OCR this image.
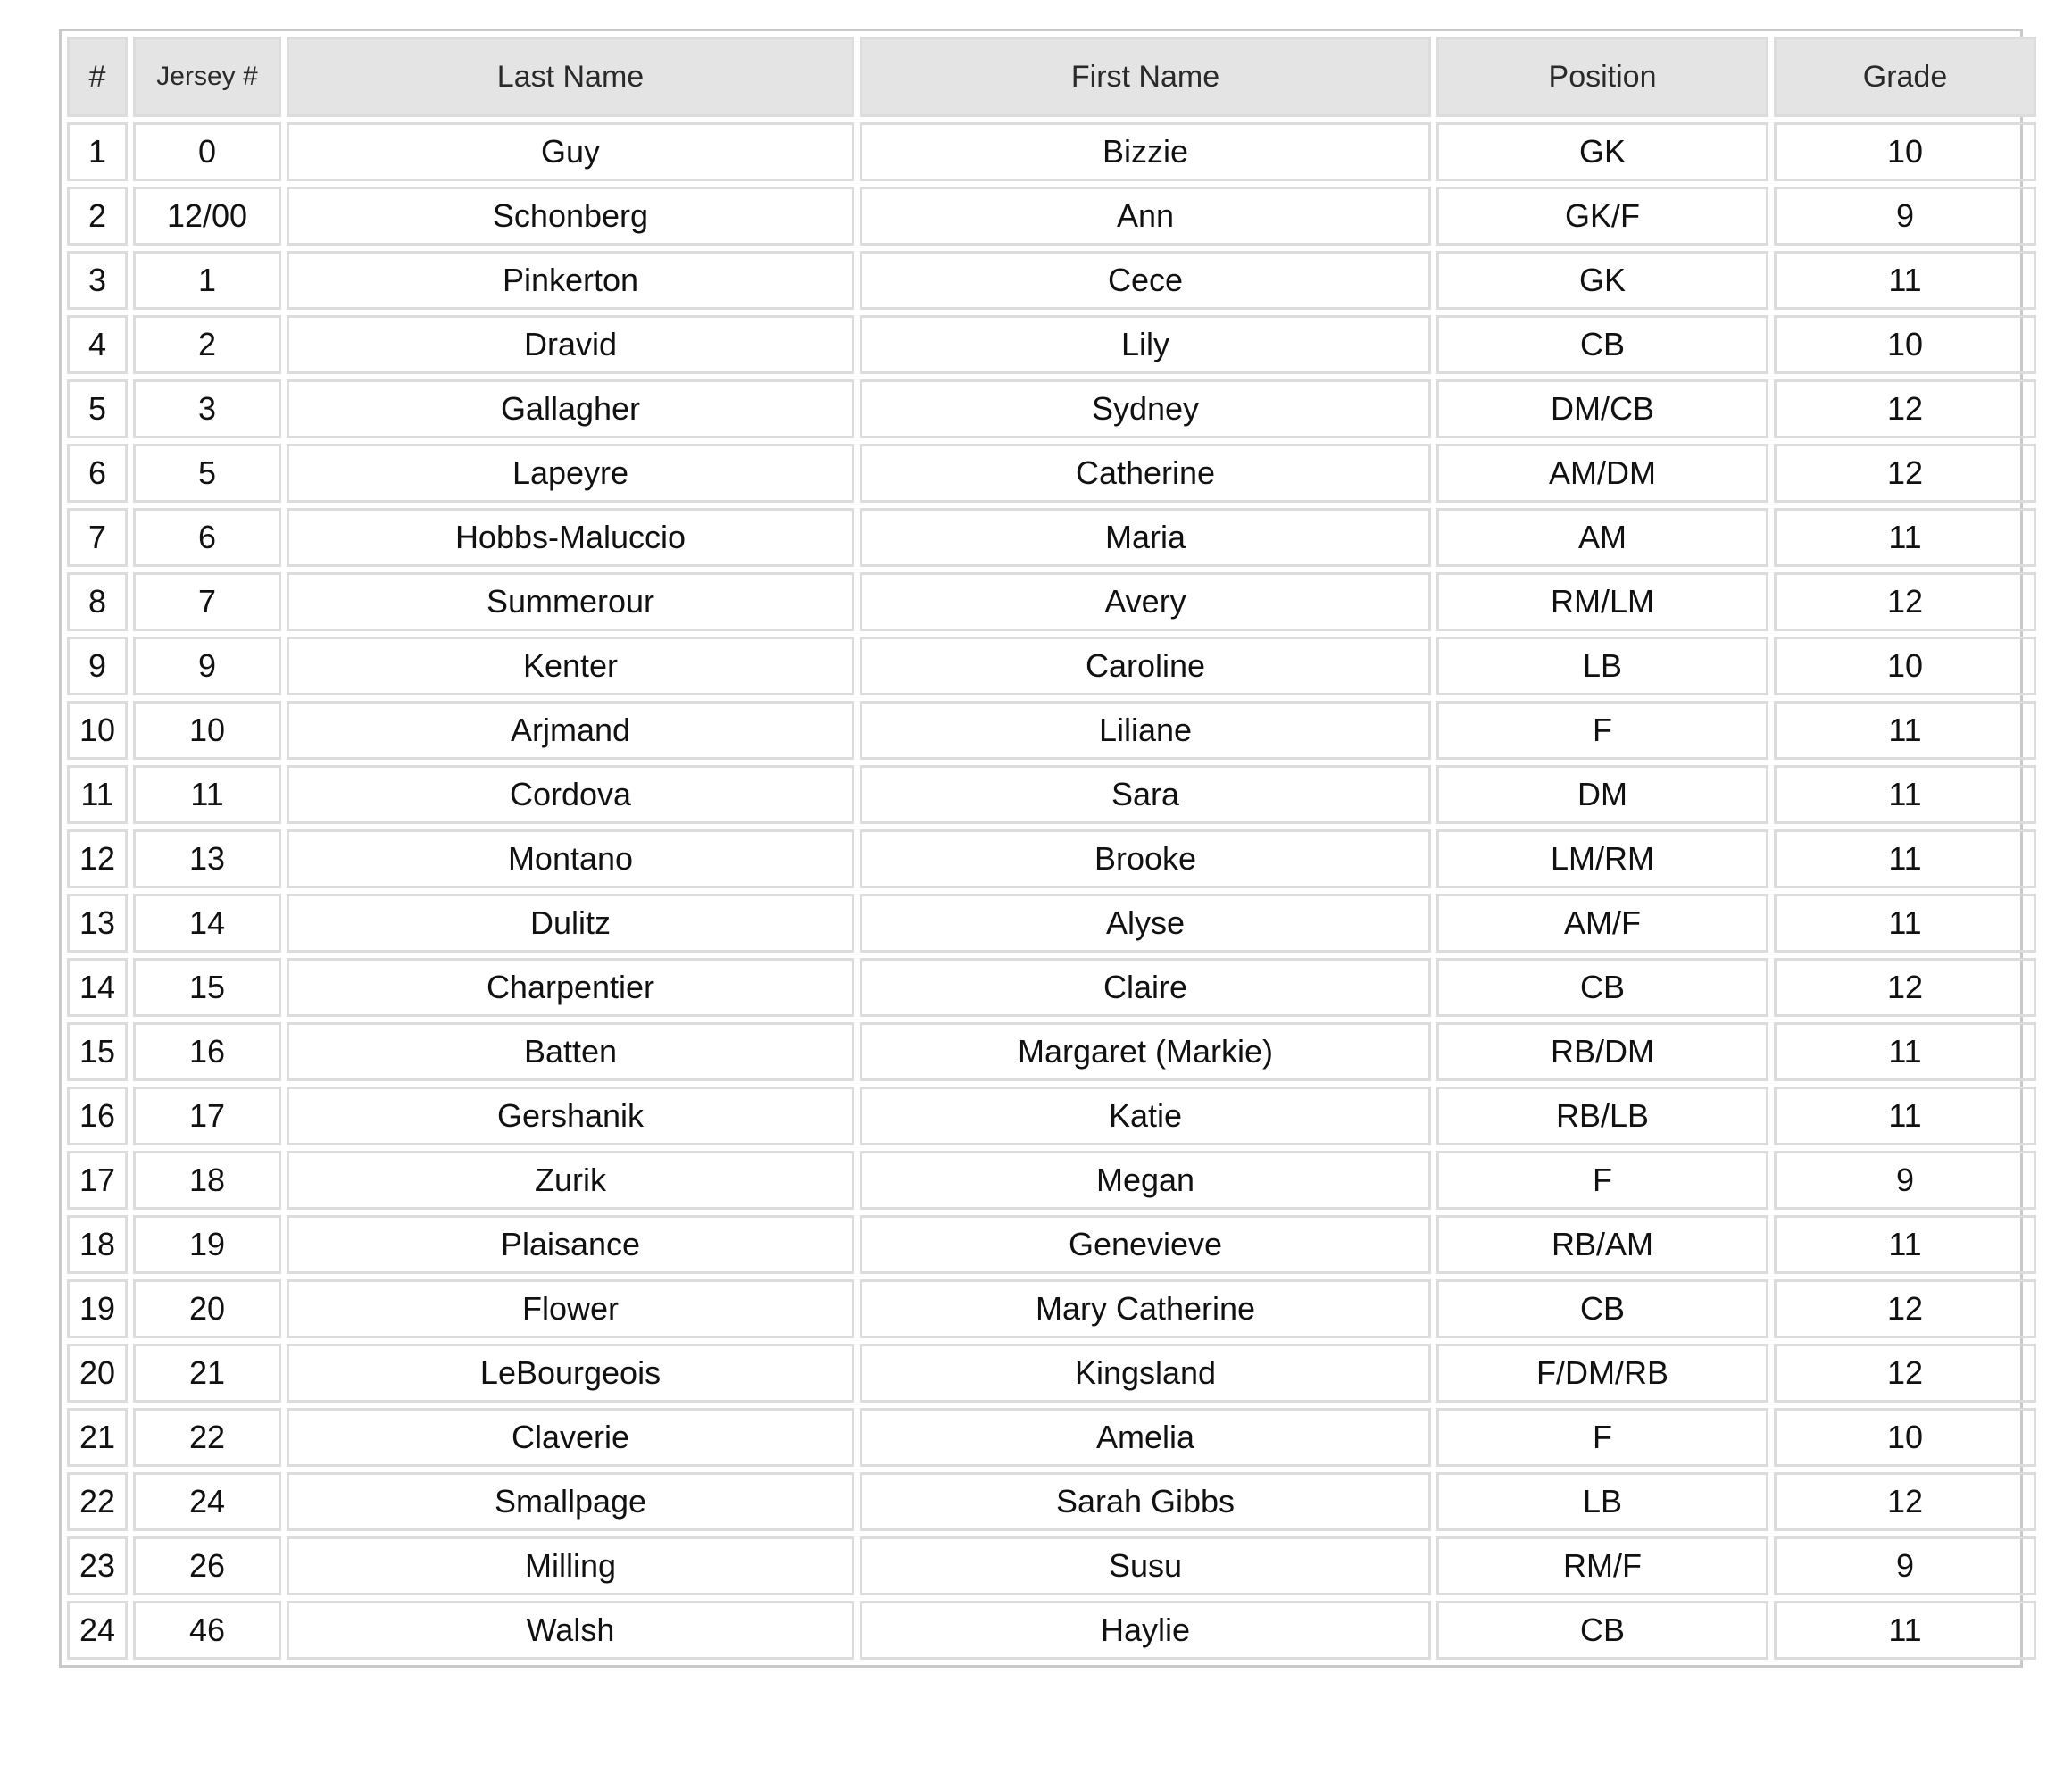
#	Jersey #	Last Name	First Name	Position	Grade
1	0	Guy	Bizzie	GK	10
2	12/00	Schonberg	Ann	GK/F	9
3	1	Pinkerton	Cece	GK	11
4	2	Dravid	Lily	CB	10
5	3	Gallagher	Sydney	DM/CB	12
6	5	Lapeyre	Catherine	AM/DM	12
7	6	Hobbs-Maluccio	Maria	AM	11
8	7	Summerour	Avery	RM/LM	12
9	9	Kenter	Caroline	LB	10
10	10	Arjmand	Liliane	F	11
11	11	Cordova	Sara	DM	11
12	13	Montano	Brooke	LM/RM	11
13	14	Dulitz	Alyse	AM/F	11
14	15	Charpentier	Claire	CB	12
15	16	Batten	Margaret (Markie)	RB/DM	11
16	17	Gershanik	Katie	RB/LB	11
17	18	Zurik	Megan	F	9
18	19	Plaisance	Genevieve	RB/AM	11
19	20	Flower	Mary Catherine	CB	12
20	21	LeBourgeois	Kingsland	F/DM/RB	12
21	22	Claverie	Amelia	F	10
22	24	Smallpage	Sarah Gibbs	LB	12
23	26	Milling	Susu	RM/F	9
24	46	Walsh	Haylie	CB	11
